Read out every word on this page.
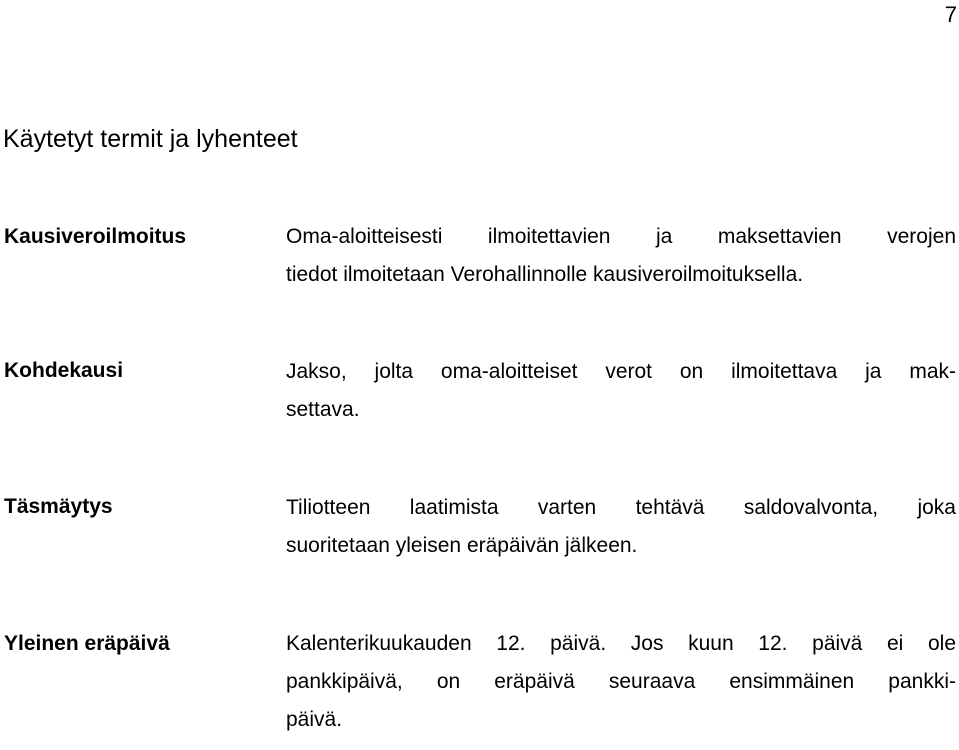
7
Käytetyt termit ja lyhenteet
Kausiveroilmoitus	Oma-aloitteisesti ilmoitettavien ja maksettavien verojen
tiedot ilmoitetaan Verohallinnolle kausiveroilmoituksella.
Kohdekausi	Jakso, jolta oma-aloitteiset verot on ilmoitettava ja mak-
settava.
Täsmäytys	Tiliotteen laatimista varten tehtävä saldovalvonta, joka
suoritetaan yleisen eräpäivän jälkeen.
Yleinen eräpäivä	Kalenterikuukauden 12. päivä. Jos kuun 12. päivä ei ole
pankkipäivä, on eräpäivä seuraava ensimmäinen pankki-
päivä.
